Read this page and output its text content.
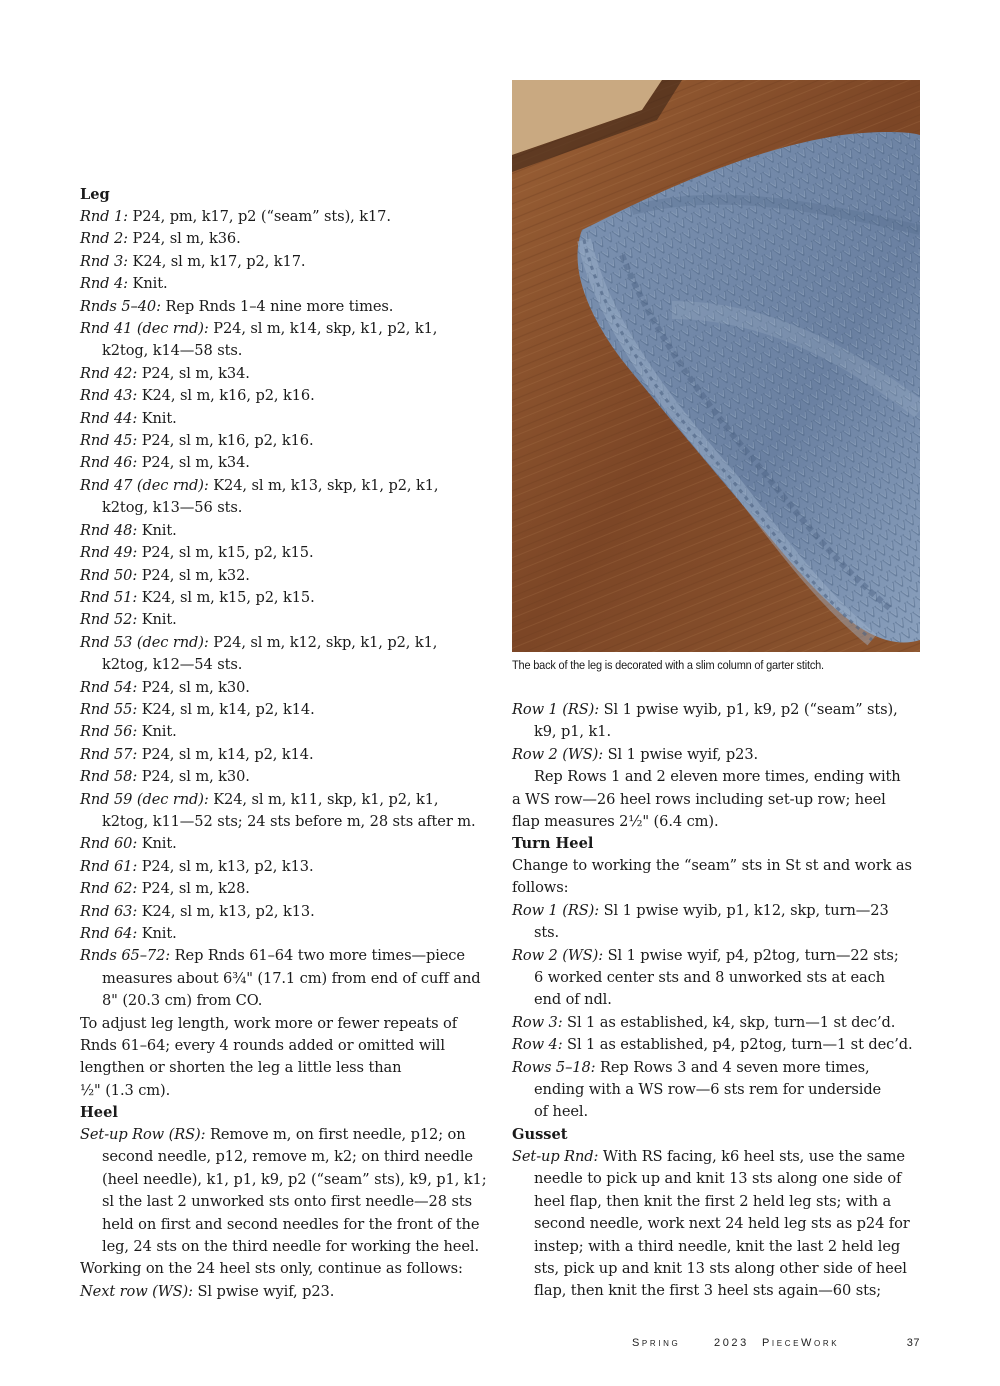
Leg
Rnd 1: P24, pm, k17, p2 (“seam” sts), k17.
Rnd 2: P24, sl m, k36.
Rnd 3: K24, sl m, k17, p2, k17.
Rnd 4: Knit.
Rnds 5–40: Rep Rnds 1–4 nine more times.
Rnd 41 (dec rnd): P24, sl m, k14, skp, k1, p2, k1,
k2tog, k14—58 sts.
Rnd 42: P24, sl m, k34.
Rnd 43: K24, sl m, k16, p2, k16.
Rnd 44: Knit.
Rnd 45: P24, sl m, k16, p2, k16.
Rnd 46: P24, sl m, k34.
Rnd 47 (dec rnd): K24, sl m, k13, skp, k1, p2, k1,
k2tog, k13—56 sts.
Rnd 48: Knit.
Rnd 49: P24, sl m, k15, p2, k15.
Rnd 50: P24, sl m, k32.
Rnd 51: K24, sl m, k15, p2, k15.
Rnd 52: Knit.
Rnd 53 (dec rnd): P24, sl m, k12, skp, k1, p2, k1,
k2tog, k12—54 sts.
Rnd 54: P24, sl m, k30.
Rnd 55: K24, sl m, k14, p2, k14.
Rnd 56: Knit.
Rnd 57: P24, sl m, k14, p2, k14.
Rnd 58: P24, sl m, k30.
Rnd 59 (dec rnd): K24, sl m, k11, skp, k1, p2, k1,
k2tog, k11—52 sts; 24 sts before m, 28 sts after m.
Rnd 60: Knit.
Rnd 61: P24, sl m, k13, p2, k13.
Rnd 62: P24, sl m, k28.
Rnd 63: K24, sl m, k13, p2, k13.
Rnd 64: Knit.
Rnds 65–72: Rep Rnds 61–64 two more times—piece
measures about 6¾" (17.1 cm) from end of cuff and
8" (20.3 cm) from CO.
To adjust leg length, work more or fewer repeats of
Rnds 61–64; every 4 rounds added or omitted will
lengthen or shorten the leg a little less than
½" (1.3 cm).
Heel
Set-up Row (RS): Remove m, on first needle, p12; on
second needle, p12, remove m, k2; on third needle
(heel needle), k1, p1, k9, p2 (“seam” sts), k9, p1, k1;
sl the last 2 unworked sts onto first needle—28 sts
held on first and second needles for the front of the
leg, 24 sts on the third needle for working the heel.
Working on the 24 heel sts only, continue as follows:
Next row (WS): Sl pwise wyif, p23.
The back of the leg is decorated with a slim column of garter stitch.
Row 1 (RS): Sl 1 pwise wyib, p1, k9, p2 (“seam” sts),
k9, p1, k1.
Row 2 (WS): Sl 1 pwise wyif, p23.
Rep Rows 1 and 2 eleven more times, ending with
a WS row—26 heel rows including set-up row; heel
flap measures 2½" (6.4 cm).
Turn Heel
Change to working the “seam” sts in St st and work as
follows:
Row 1 (RS): Sl 1 pwise wyib, p1, k12, skp, turn—23
sts.
Row 2 (WS): Sl 1 pwise wyif, p4, p2tog, turn—22 sts;
6 worked center sts and 8 unworked sts at each
end of ndl.
Row 3: Sl 1 as established, k4, skp, turn—1 st dec’d.
Row 4: Sl 1 as established, p4, p2tog, turn—1 st dec’d.
Rows 5–18: Rep Rows 3 and 4 seven more times,
ending with a WS row—6 sts rem for underside
of heel.
Gusset
Set-up Rnd: With RS facing, k6 heel sts, use the same
needle to pick up and knit 13 sts along one side of
heel flap, then knit the first 2 held leg sts; with a
second needle, work next 24 held leg sts as p24 for
instep; with a third needle, knit the last 2 held leg
sts, pick up and knit 13 sts along other side of heel
flap, then knit the first 3 heel sts again—60 sts;
Spring	2023 PieceWork	37
